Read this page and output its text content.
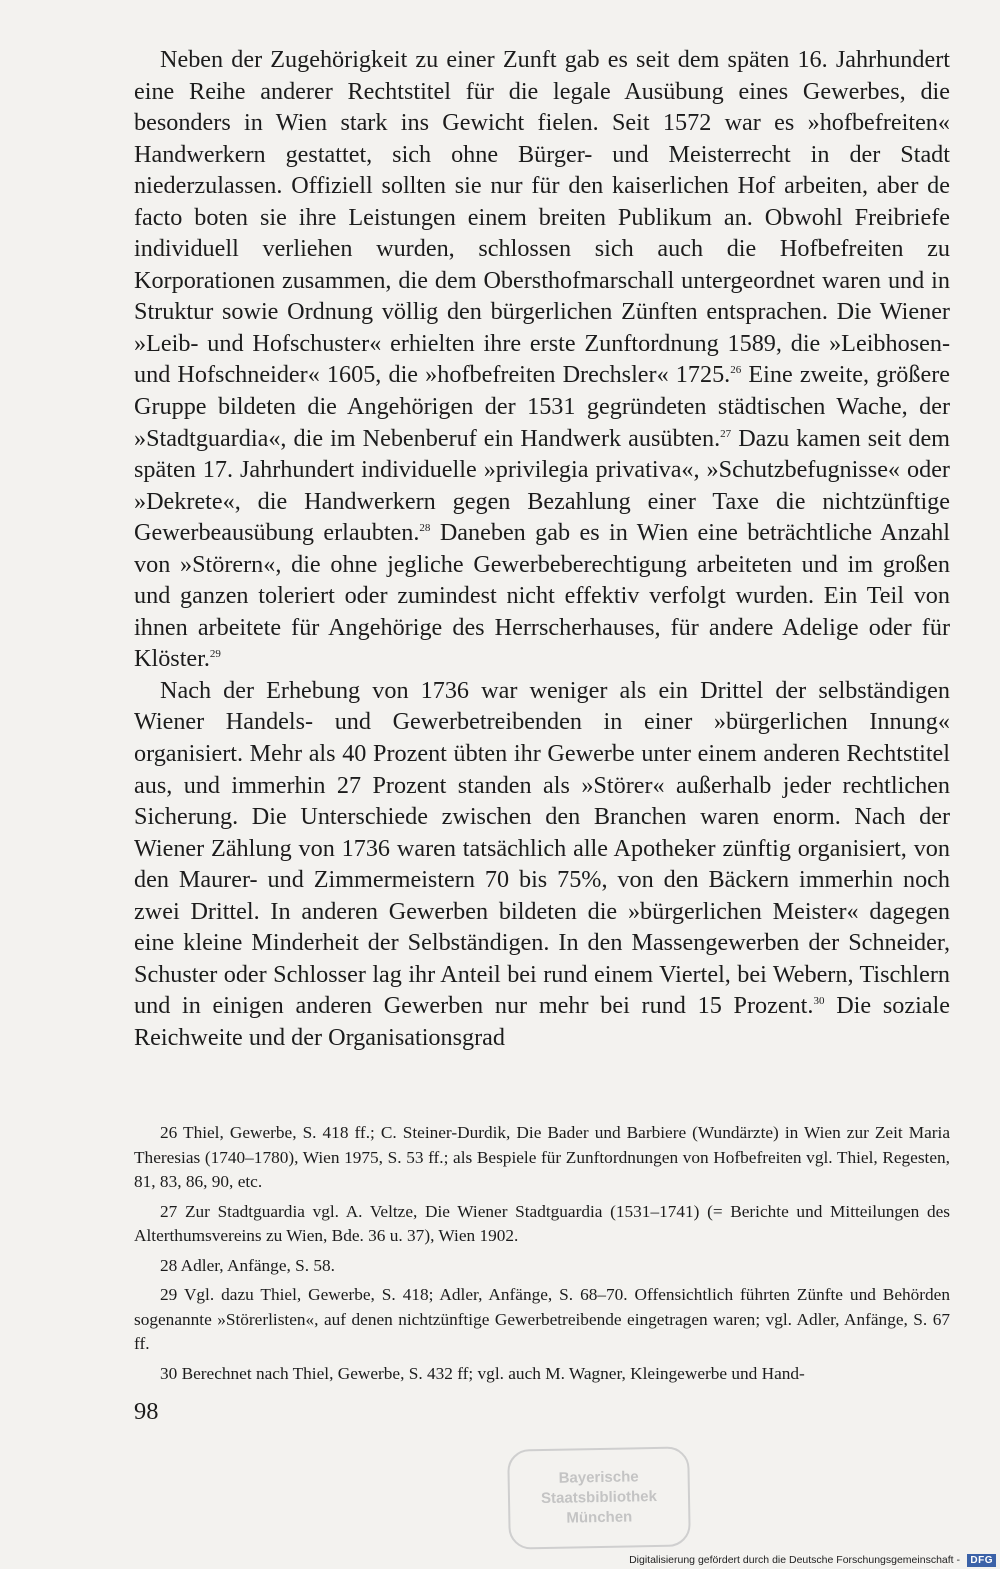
Neben der Zugehörigkeit zu einer Zunft gab es seit dem späten 16. Jahrhundert eine Reihe anderer Rechtstitel für die legale Ausübung eines Gewerbes, die besonders in Wien stark ins Gewicht fielen. Seit 1572 war es »hofbefreiten« Handwerkern gestattet, sich ohne Bürger- und Meisterrecht in der Stadt niederzulassen. Offiziell sollten sie nur für den kaiserlichen Hof arbeiten, aber de facto boten sie ihre Leistungen einem breiten Publikum an. Obwohl Freibriefe individuell verliehen wurden, schlossen sich auch die Hofbefreiten zu Korporationen zusammen, die dem Obersthofmarschall untergeordnet waren und in Struktur sowie Ordnung völlig den bürgerlichen Zünften entsprachen. Die Wiener »Leib- und Hofschuster« erhielten ihre erste Zunftordnung 1589, die »Leibhosen- und Hofschneider« 1605, die »hofbefreiten Drechsler« 1725.26 Eine zweite, größere Gruppe bildeten die Angehörigen der 1531 gegründeten städtischen Wache, der »Stadtguardia«, die im Nebenberuf ein Handwerk ausübten.$^{27}$ Dazu kamen seit dem späten 17. Jahrhundert individuelle »privilegia privativa«, »Schutzbefugnisse« oder »Dekrete«, die Handwerkern gegen Bezahlung einer Taxe die nichtzünftige Gewerbeausübung erlaubten.$^{28}$ Daneben gab es in Wien eine beträchtliche Anzahl von »Störern«, die ohne jegliche Gewerbeberechtigung arbeiteten und im großen und ganzen toleriert oder zumindest nicht effektiv verfolgt wurden. Ein Teil von ihnen arbeitete für Angehörige des Herrscherhauses, für andere Adelige oder für Klöster.$^{29}$

Nach der Erhebung von 1736 war weniger als ein Drittel der selbständigen Wiener Handels- und Gewerbetreibenden in einer »bürgerlichen Innung« organisiert. Mehr als 40 Prozent übten ihr Gewerbe unter einem anderen Rechtstitel aus, und immerhin 27 Prozent standen als »Störer« außerhalb jeder rechtlichen Sicherung. Die Unterschiede zwischen den Branchen waren enorm. Nach der Wiener Zählung von 1736 waren tatsächlich alle Apotheker zünftig organisiert, von den Maurer- und Zimmermeistern 70 bis 75%, von den Bäckern immerhin noch zwei Drittel. In anderen Gewerben bildeten die »bürgerlichen Meister« dagegen eine kleine Minderheit der Selbständigen. In den Massengewerben der Schneider, Schuster oder Schlosser lag ihr Anteil bei rund einem Viertel, bei Webern, Tischlern und in einigen anderen Gewerben nur mehr bei rund 15 Prozent.$^{30}$ Die soziale Reichweite und der Organisationsgrad

26 Thiel, Gewerbe, S. 418 ff.; C. Steiner-Durdik, Die Bader und Barbiere (Wundärzte) in Wien zur Zeit Maria Theresias (1740–1780), Wien 1975, S. 53 ff.; als Bespiele für Zunftordnungen von Hofbefreiten vgl. Thiel, Regesten, 81, 83, 86, 90, etc.

27 Zur Stadtguardia vgl. A. Veltze, Die Wiener Stadtguardia (1531–1741) (= Berichte und Mitteilungen des Alterthumsvereins zu Wien, Bde. 36 u. 37), Wien 1902.

28 Adler, Anfänge, S. 58.

29 Vgl. dazu Thiel, Gewerbe, S. 418; Adler, Anfänge, S. 68–70. Offensichtlich führten Zünfte und Behörden sogenannte »Störerlisten«, auf denen nichtzünftige Gewerbetreibende eingetragen waren; vgl. Adler, Anfänge, S. 67 ff.

30 Berechnet nach Thiel, Gewerbe, S. 432 ff; vgl. auch M. Wagner, Kleingewerbe und Hand-

98
Bayerische
Staatsbibliothek
München
Digitalisierung gefördert durch die Deutsche Forschungsgemeinschaft -	DFG
